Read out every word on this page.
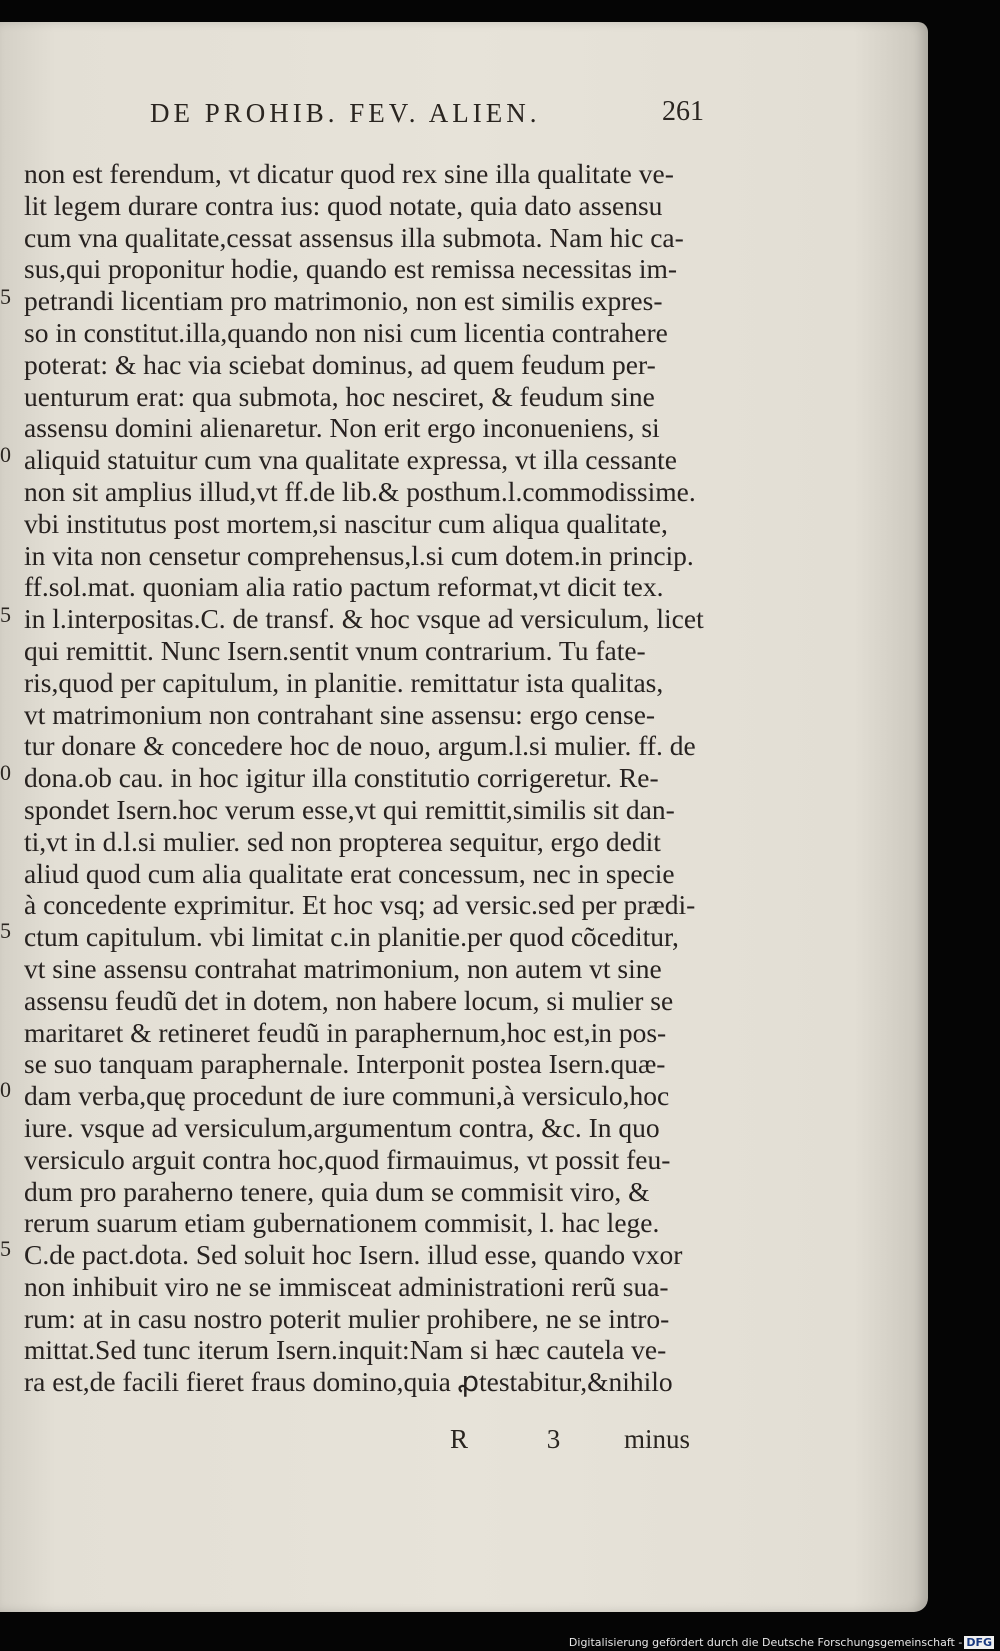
DE PROHIB. FEV. ALIEN.	261
5
0
5
0
5
0
5
non est ferendum, vt dicatur quod rex sine illa qualitate ve-
lit legem durare contra ius: quod notate, quia dato assensu
cum vna qualitate,cessat assensus illa submota. Nam hic ca-
sus,qui proponitur hodie, quando est remissa necessitas im-
petrandi licentiam pro matrimonio, non est similis expres-
so in constitut.illa,quando non nisi cum licentia contrahere
poterat: & hac via sciebat dominus, ad quem feudum per-
uenturum erat: qua submota, hoc nesciret, & feudum sine
assensu domini alienaretur. Non erit ergo inconueniens, si
aliquid statuitur cum vna qualitate expressa, vt illa cessante
non sit amplius illud,vt ff.de lib.& posthum.l.commodissime.
vbi institutus post mortem,si nascitur cum aliqua qualitate,
in vita non censetur comprehensus,l.si cum dotem.in princip.
ff.sol.mat. quoniam alia ratio pactum reformat,vt dicit tex.
in l.interpositas.C. de transf. & hoc vsque ad versiculum, licet
qui remittit. Nunc Isern.sentit vnum contrarium. Tu fate-
ris,quod per capitulum, in planitie. remittatur ista qualitas,
vt matrimonium non contrahant sine assensu: ergo cense-
tur donare & concedere hoc de nouo, argum.l.si mulier. ff. de
dona.ob cau. in hoc igitur illa constitutio corrigeretur. Re-
spondet Isern.hoc verum esse,vt qui remittit,similis sit dan-
ti,vt in d.l.si mulier. sed non propterea sequitur, ergo dedit
aliud quod cum alia qualitate erat concessum, nec in specie
à concedente exprimitur. Et hoc vsq; ad versic.sed per prædi-
ctum capitulum. vbi limitat c.in planitie.per quod cõceditur,
vt sine assensu contrahat matrimonium, non autem vt sine
assensu feudũ det in dotem, non habere locum, si mulier se
maritaret & retineret feudũ in paraphernum,hoc est,in pos-
se suo tanquam paraphernale. Interponit postea Isern.quæ-
dam verba,quę procedunt de iure communi,à versiculo,hoc
iure. vsque ad versiculum,argumentum contra, &c. In quo
versiculo arguit contra hoc,quod firmauimus, vt possit feu-
dum pro paraherno tenere, quia dum se commisit viro, &
rerum suarum etiam gubernationem commisit, l. hac lege.
C.de pact.dota. Sed soluit hoc Isern. illud esse, quando vxor
non inhibuit viro ne se immisceat administrationi rerũ sua-
rum: at in casu nostro poterit mulier prohibere, ne se intro-
mittat.Sed tunc iterum Isern.inquit:Nam si hæc cautela ve-
ra est,de facili fieret fraus domino,quia ꝓtestabitur,&nihilo
R 3 minus
Digitalisierung gefördert durch die Deutsche Forschungsgemeinschaft - DFG
